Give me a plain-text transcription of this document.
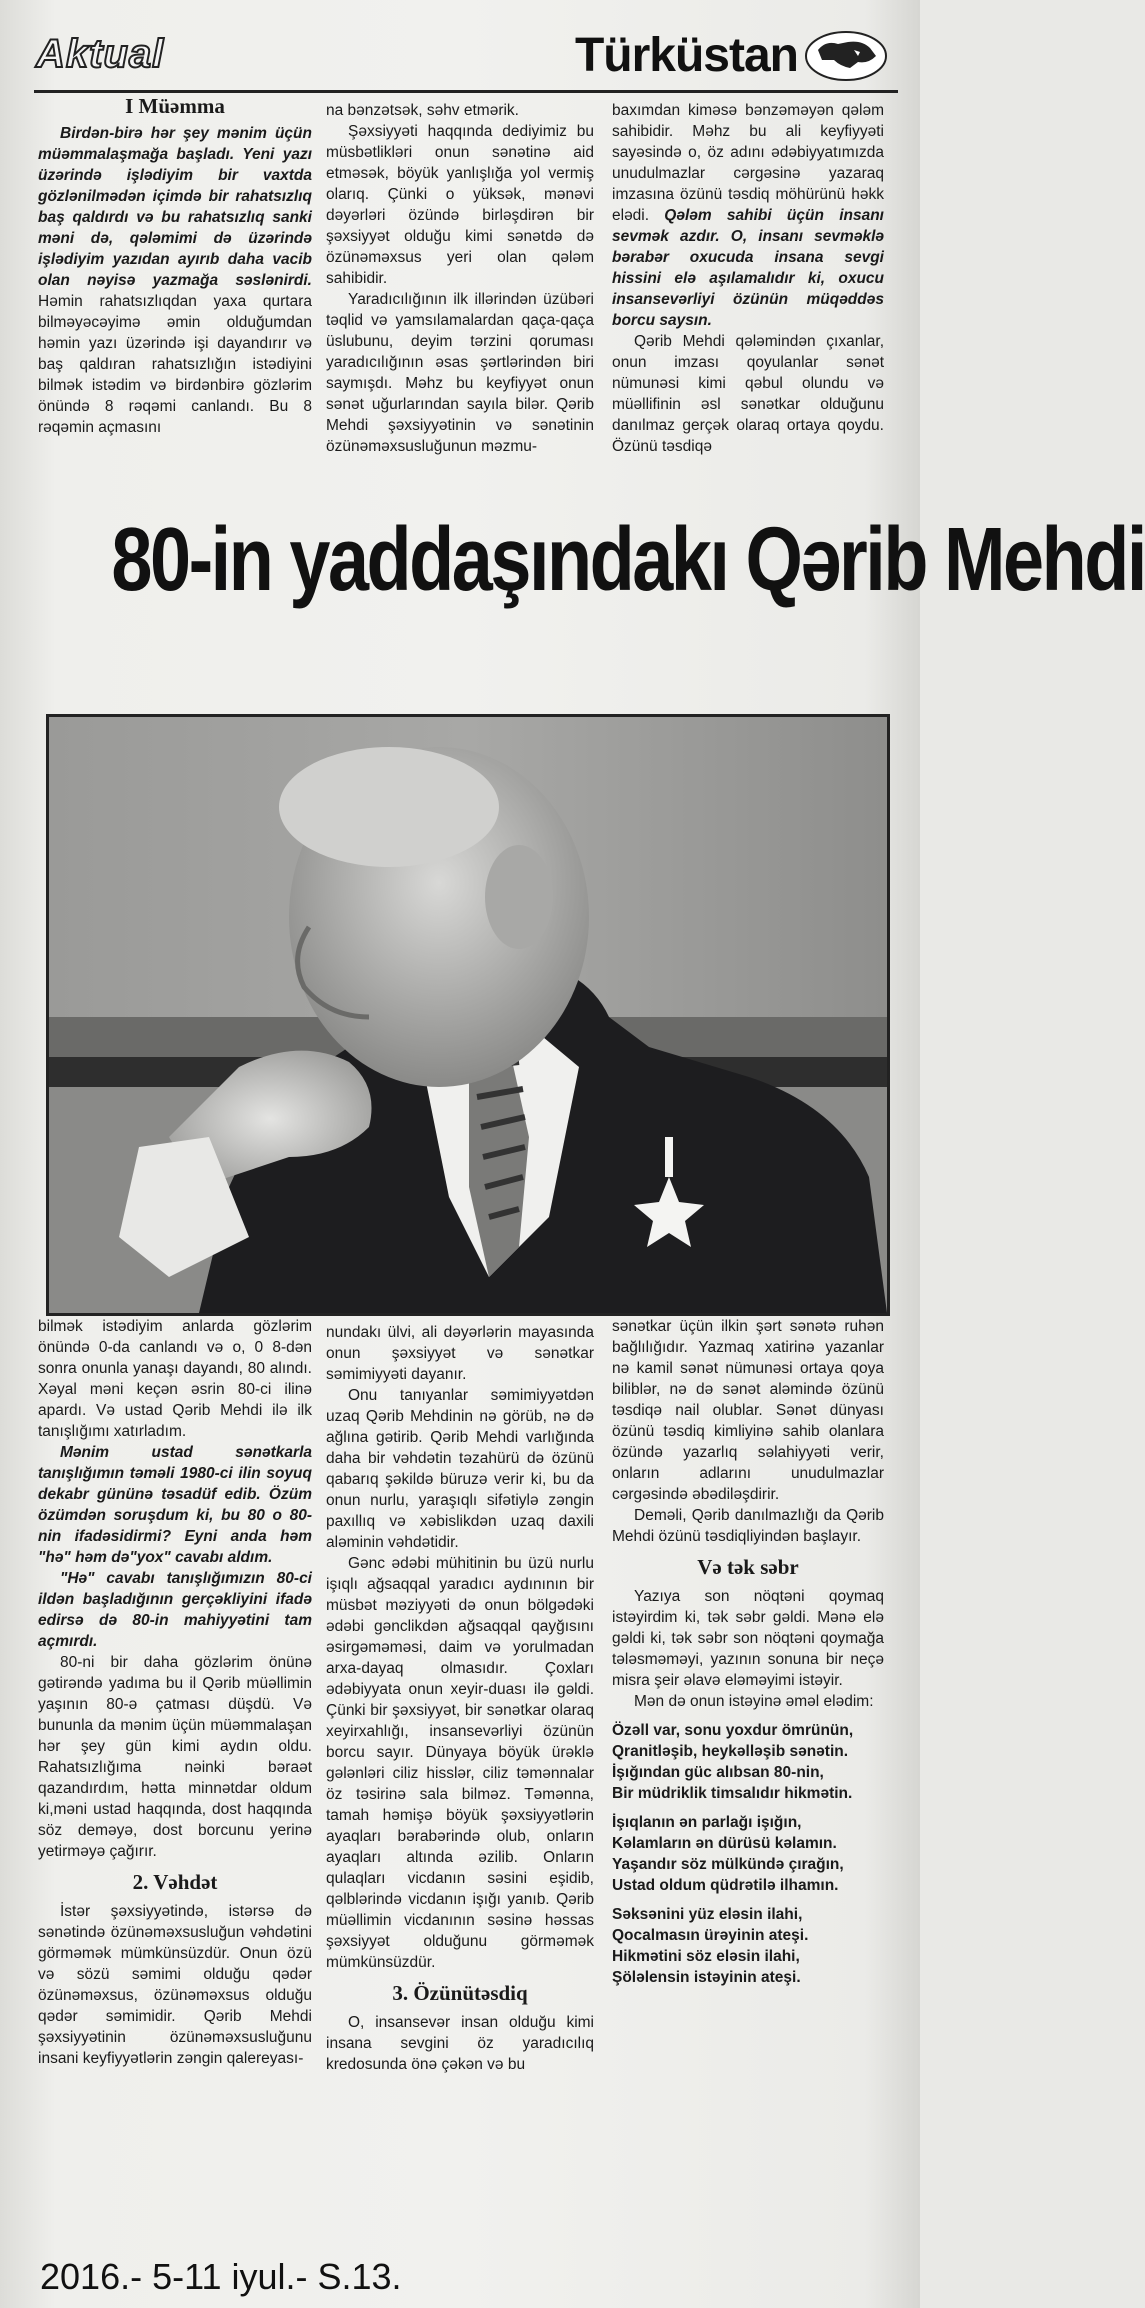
Aktual	Türküstan
I Müəmma

Birdən-birə hər şey mənim üçün müəmmalaşmağa başladı. Yeni yazı üzərində işlədiyim bir vaxtda gözlənilmədən içimdə bir rahatsızlıq baş qaldırdı və bu rahatsızlıq sanki məni də, qələmimi də üzərində işlədiyim yazıdan ayırıb daha vacib olan nəyisə yazmağa səslənirdi. Həmin rahatsızlıqdan yaxa qurtara bilməyəcəyimə əmin olduğumdan həmin yazı üzərində işi dayandırır və baş qaldıran rahatsızlığın istədiyini bilmək istədim və birdənbirə gözlərim önündə 8 rəqəmi canlandı. Bu 8 rəqəmin açmasını

na bənzətsək, səhv etmərik.

Şəxsiyyəti haqqında dediyimiz bu müsbətlikləri onun sənətinə aid etməsək, böyük yanlışlığa yol vermiş olarıq. Çünki o yüksək, mənəvi dəyərləri özündə birləşdirən bir şəxsiyyət olduğu kimi sənətdə də özünəməxsus yeri olan qələm sahibidir.

Yaradıcılığının ilk illərindən üzübəri təqlid və yamsılamalardan qaça-qaça üslubunu, deyim tərzini qoruması yaradıcılığının əsas şərtlərindən biri saymışdı. Məhz bu keyfiyyət onun sənət uğurlarından sayıla bilər. Qərib Mehdi şəxsiyyətinin və sənətinin özünəməxsusluğunun məzmu-

baxımdan kiməsə bənzəməyən qələm sahibidir. Məhz bu ali keyfiyyəti sayəsində o, öz adını ədəbiyyatımızda unudulmazlar cərgəsinə yazaraq imzasına özünü təsdiq möhürünü həkk elədi. Qələm sahibi üçün insanı sevmək azdır. O, insanı sevməklə bərabər oxucuda insana sevgi hissini elə aşılamalıdır ki, oxucu insansevərliyi özünün müqəddəs borcu saysın.

Qərib Mehdi qələmindən çıxanlar, onun imzası qoyulanlar sənət nümunəsi kimi qəbul olundu və müəllifinin əsl sənətkar olduğunu danılmaz gerçək olaraq ortaya qoydu. Özünü təsdiqə

80-in yaddaşındakı Qərib Mehdi

bilmək istədiyim anlarda gözlərim önündə 0-da canlandı və o, 0 8-dən sonra onunla yanaşı dayandı, 80 alındı. Xəyal məni keçən əsrin 80-ci ilinə apardı. Və ustad Qərib Mehdi ilə ilk tanışlığımı xatırladım.

Mənim ustad sənətkarla tanışlığımın təməli 1980-ci ilin soyuq dekabr gününə təsadüf edib. Özüm özümdən soruşdum ki, bu 80 o 80-nin ifadəsidirmi? Eyni anda həm "hə" həm də"yox" cavabı aldım.

"Hə" cavabı tanışlığımızın 80-ci ildən başladığının gerçəkliyini ifadə edirsə də 80-in mahiyyətini tam açmırdı.

80-ni bir daha gözlərim önünə gətirəndə yadıma bu il Qərib müəllimin yaşının 80-ə çatması düşdü. Və bununla da mənim üçün müəmmalaşan hər şey gün kimi aydın oldu. Rahatsızlığıma nəinki bəraət qazandırdım, hətta minnətdar oldum ki,məni ustad haqqında, dost haqqında söz deməyə, dost borcunu yerinə yetirməyə çağırır.

2. Vəhdət

İstər şəxsiyyətində, istərsə də sənətində özünəməxsusluğun vəhdətini görməmək mümkünsüzdür. Onun özü və sözü səmimi olduğu qədər özünəməxsus, özünəməxsus olduğu qədər səmimidir. Qərib Mehdi şəxsiyyətinin özünəməxsusluğunu insani keyfiyyətlərin zəngin qalereyası-

nundakı ülvi, ali dəyərlərin mayasında onun şəxsiyyət və sənətkar səmimiyyəti dayanır.

Onu tanıyanlar səmimiyyətdən uzaq Qərib Mehdinin nə görüb, nə də ağlına gətirib. Qərib Mehdi varlığında daha bir vəhdətin təzahürü də özünü qabarıq şəkildə büruzə verir ki, bu da onun nurlu, yaraşıqlı sifətiylə zəngin paxıllıq və xəbislikdən uzaq daxili aləminin vəhdətidir.

Gənc ədəbi mühitinin bu üzü nurlu işıqlı ağsaqqal yaradıcı aydınının bir müsbət məziyyəti də onun bölgədəki ədəbi gənclikdən ağsaqqal qayğısını əsirgəməməsi, daim və yorulmadan arxa-dayaq olmasıdır. Çoxları ədəbiyyata onun xeyir-duası ilə gəldi. Çünki bir şəxsiyyət, bir sənətkar olaraq xeyirxahlığı, insansevərliyi özünün borcu sayır. Dünyaya böyük ürəklə gələnləri ciliz hisslər, ciliz təmənnalar öz təsirinə sala bilməz. Təmənna, tamah həmişə böyük şəxsiyyətlərin ayaqları bərabərində olub, onların ayaqları altında əzilib. Onların qulaqları vicdanın səsini eşidib, qəlblərində vicdanın işığı yanıb. Qərib müəllimin vicdanının səsinə həssas şəxsiyyət olduğunu görməmək mümkünsüzdür.

3. Özünütəsdiq

O, insansevər insan olduğu kimi insana sevgini öz yaradıcılıq kredosunda önə çəkən və bu

sənətkar üçün ilkin şərt sənətə ruhən bağlılığıdır. Yazmaq xatirinə yazanlar nə kamil sənət nümunəsi ortaya qoya biliblər, nə də sənət aləmində özünü təsdiqə nail olublar. Sənət dünyası özünü təsdiq kimliyinə sahib olanlara özündə yazarlıq səlahiyyəti verir, onların adlarını unudulmazlar cərgəsində əbədiləşdirir.

Deməli, Qərib danılmazlığı da Qərib Mehdi özünü təsdiqliyindən başlayır.

Və tək səbr

Yazıya son nöqtəni qoymaq istəyirdim ki, tək səbr gəldi. Mənə elə gəldi ki, tək səbr son nöqtəni qoymağa tələsməməyi, yazının sonuna bir neçə misra şeir əlavə eləməyimi istəyir.

Mən də onun istəyinə əməl elədim:

Özəll var, sonu yoxdur ömrünün,
Qranitləşib, heykəlləşib sənətin.
İşığından güc alıbsan 80-nin,
Bir müdriklik timsalıdır hikmətin.

İşıqlanın ən parlağı işığın,
Kəlamların ən dürüsü kəlamın.
Yaşandır söz mülkündə çırağın,
Ustad oldum qüdrətilə ilhamın.

Səksənini yüz eləsin ilahi,
Qocalmasın ürəyinin ateşi.
Hikmətini söz eləsin ilahi,
Şöləlensin istəyinin ateşi.

2016.- 5-11 iyul.- S.13.
